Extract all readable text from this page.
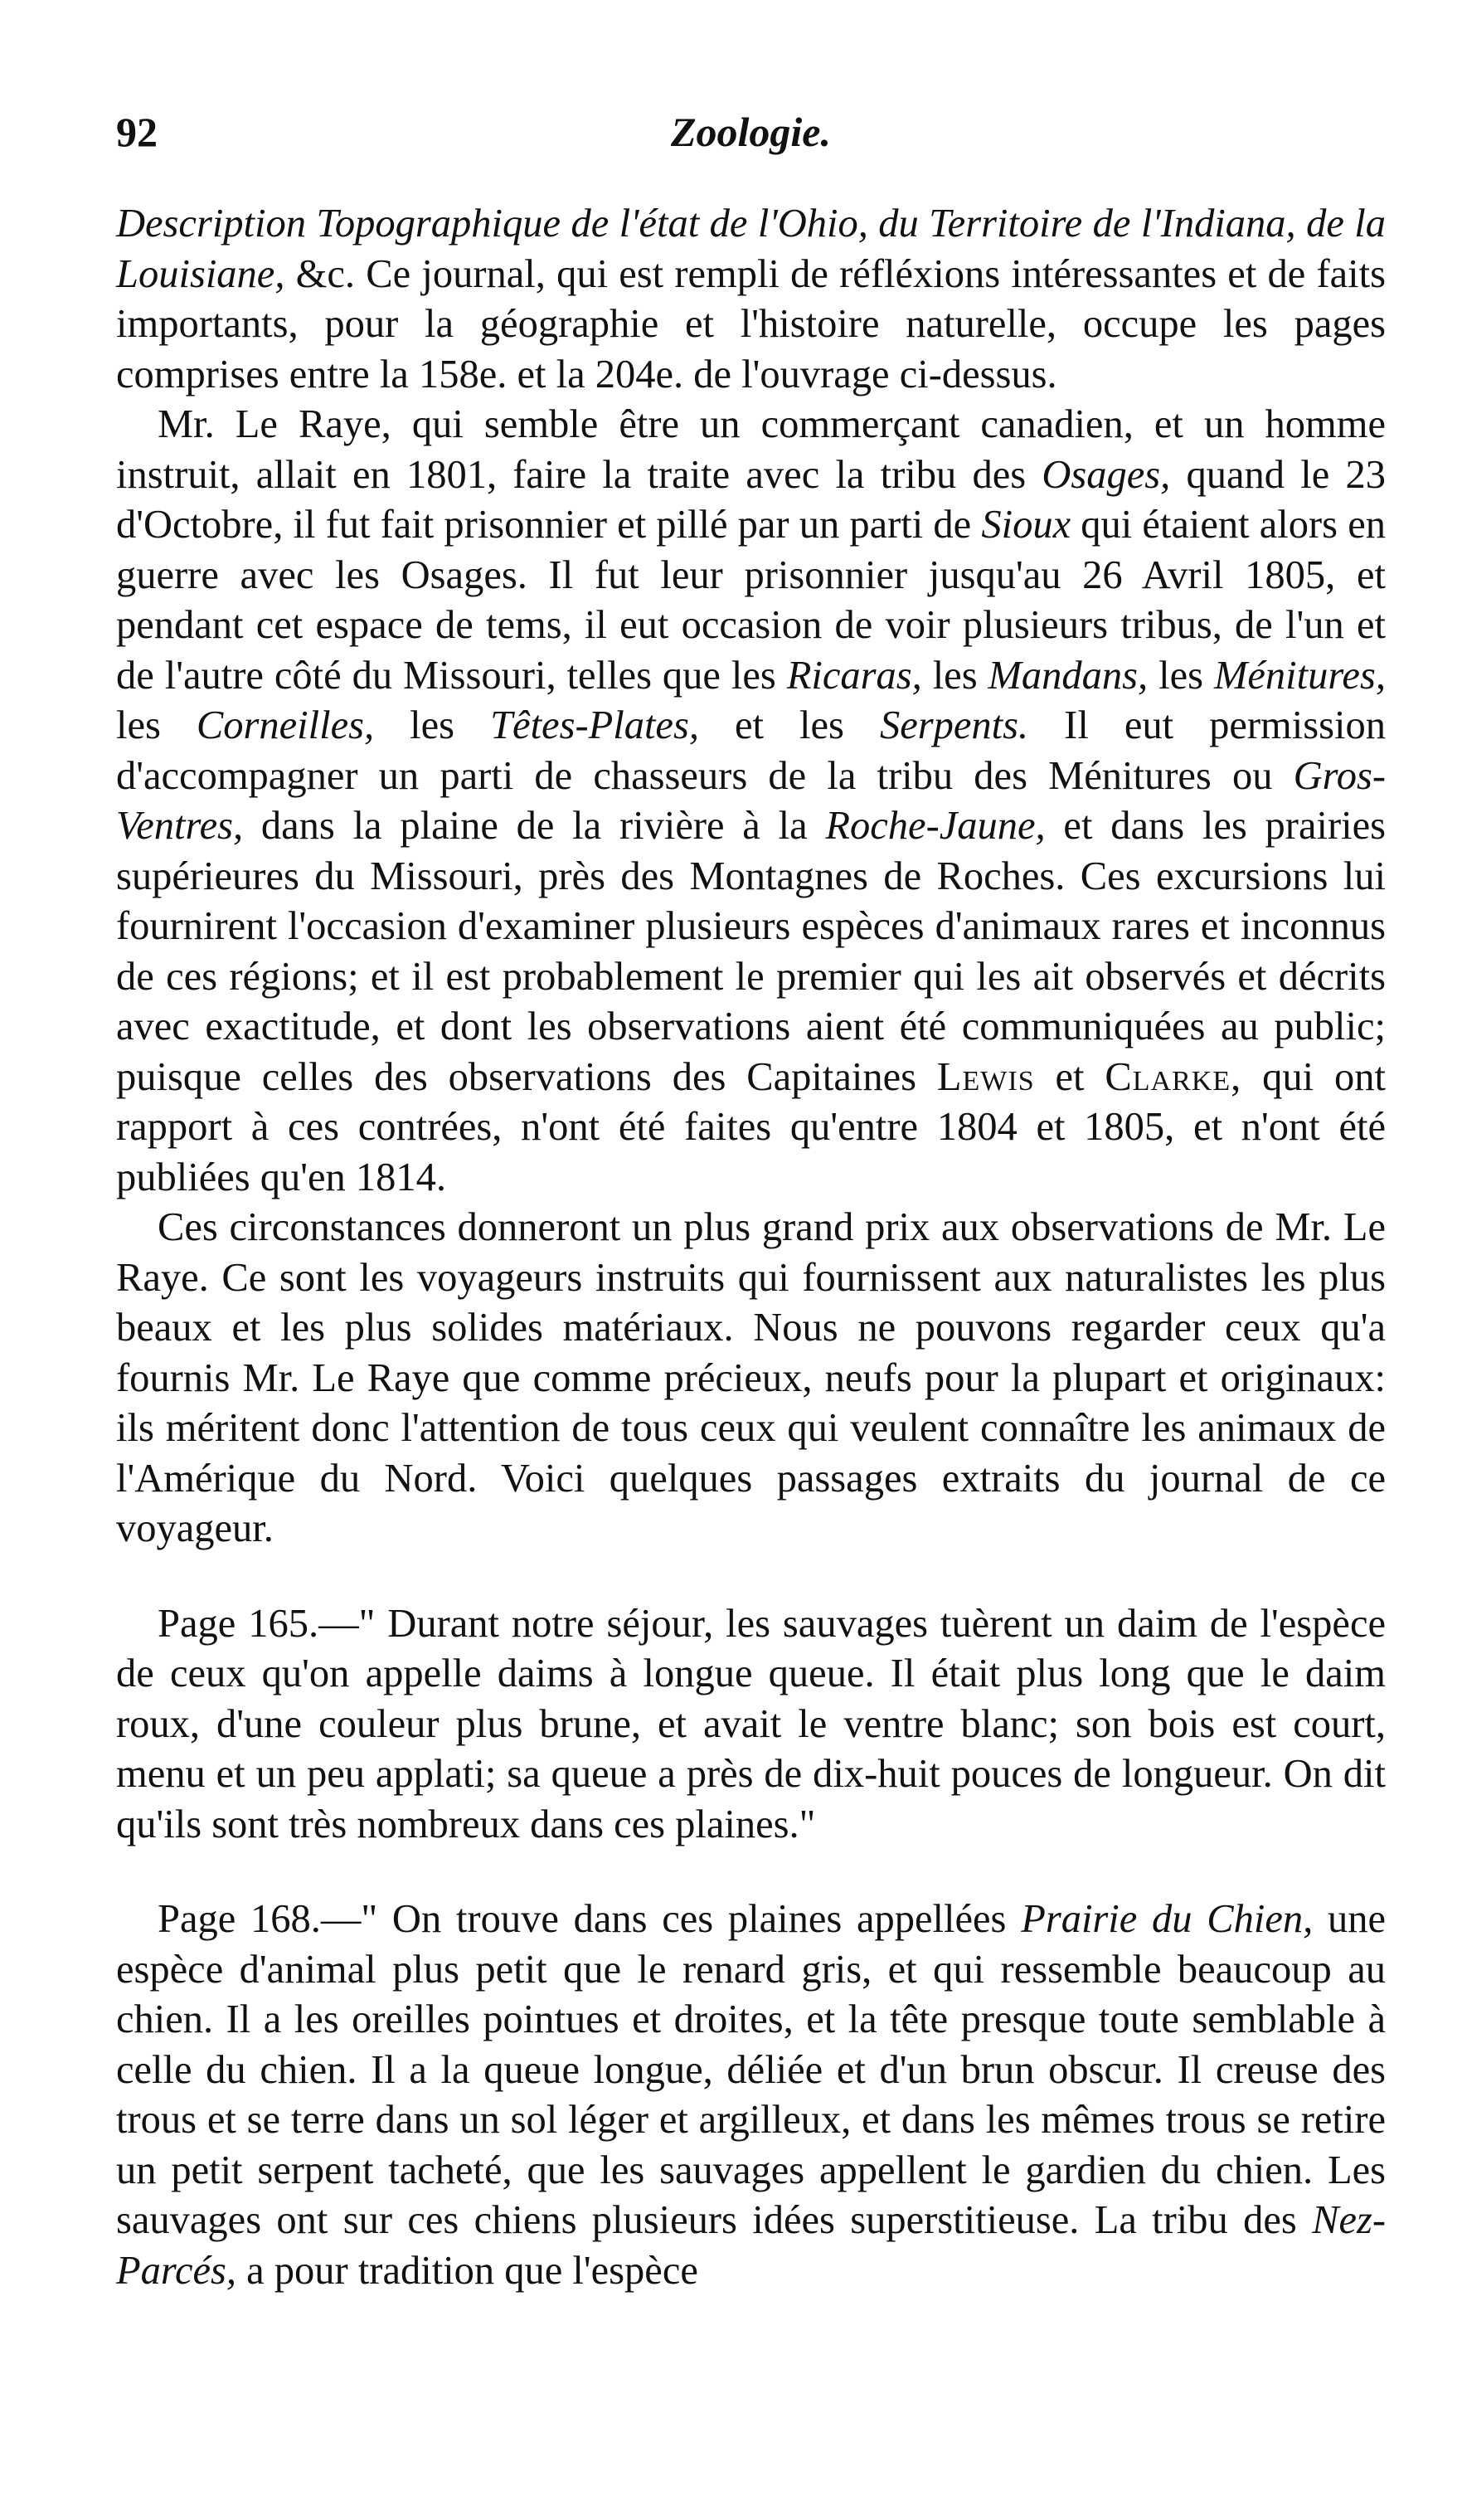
92	Zoologie.

Description Topographique de l'état de l'Ohio, du Territoire de l'Indiana, de la Louisiane, &c. Ce journal, qui est rempli de réfléxions intéressantes et de faits importants, pour la géographie et l'histoire naturelle, occupe les pages comprises entre la 158e. et la 204e. de l'ouvrage ci-dessus.

Mr. Le Raye, qui semble être un commerçant canadien, et un homme instruit, allait en 1801, faire la traite avec la tribu des Osages, quand le 23 d'Octobre, il fut fait prisonnier et pillé par un parti de Sioux qui étaient alors en guerre avec les Osages. Il fut leur prisonnier jusqu'au 26 Avril 1805, et pendant cet espace de tems, il eut occasion de voir plusieurs tribus, de l'un et de l'autre côté du Missouri, telles que les Ricaras, les Mandans, les Ménitures, les Corneilles, les Têtes-Plates, et les Serpents. Il eut permission d'accompagner un parti de chasseurs de la tribu des Ménitures ou Gros-Ventres, dans la plaine de la rivière à la Roche-Jaune, et dans les prairies supérieures du Missouri, près des Montagnes de Roches. Ces excursions lui fournirent l'occasion d'examiner plusieurs espèces d'animaux rares et inconnus de ces régions; et il est probablement le premier qui les ait observés et décrits avec exactitude, et dont les observations aient été communiquées au public; puisque celles des observations des Capitaines Lewis et Clarke, qui ont rapport à ces contrées, n'ont été faites qu'entre 1804 et 1805, et n'ont été publiées qu'en 1814.

Ces circonstances donneront un plus grand prix aux observations de Mr. Le Raye. Ce sont les voyageurs instruits qui fournissent aux naturalistes les plus beaux et les plus solides matériaux. Nous ne pouvons regarder ceux qu'a fournis Mr. Le Raye que comme précieux, neufs pour la plupart et originaux: ils méritent donc l'attention de tous ceux qui veulent connaître les animaux de l'Amérique du Nord. Voici quelques passages extraits du journal de ce voyageur.

Page 165.—" Durant notre séjour, les sauvages tuèrent un daim de l'espèce de ceux qu'on appelle daims à longue queue. Il était plus long que le daim roux, d'une couleur plus brune, et avait le ventre blanc; son bois est court, menu et un peu applati; sa queue a près de dix-huit pouces de longueur. On dit qu'ils sont très nombreux dans ces plaines."

Page 168.—" On trouve dans ces plaines appellées Prairie du Chien, une espèce d'animal plus petit que le renard gris, et qui ressemble beaucoup au chien. Il a les oreilles pointues et droites, et la tête presque toute semblable à celle du chien. Il a la queue longue, déliée et d'un brun obscur. Il creuse des trous et se terre dans un sol léger et argilleux, et dans les mêmes trous se retire un petit serpent tacheté, que les sauvages appellent le gardien du chien. Les sauvages ont sur ces chiens plusieurs idées superstitieuse. La tribu des Nez-Parcés, a pour tradition que l'espèce
